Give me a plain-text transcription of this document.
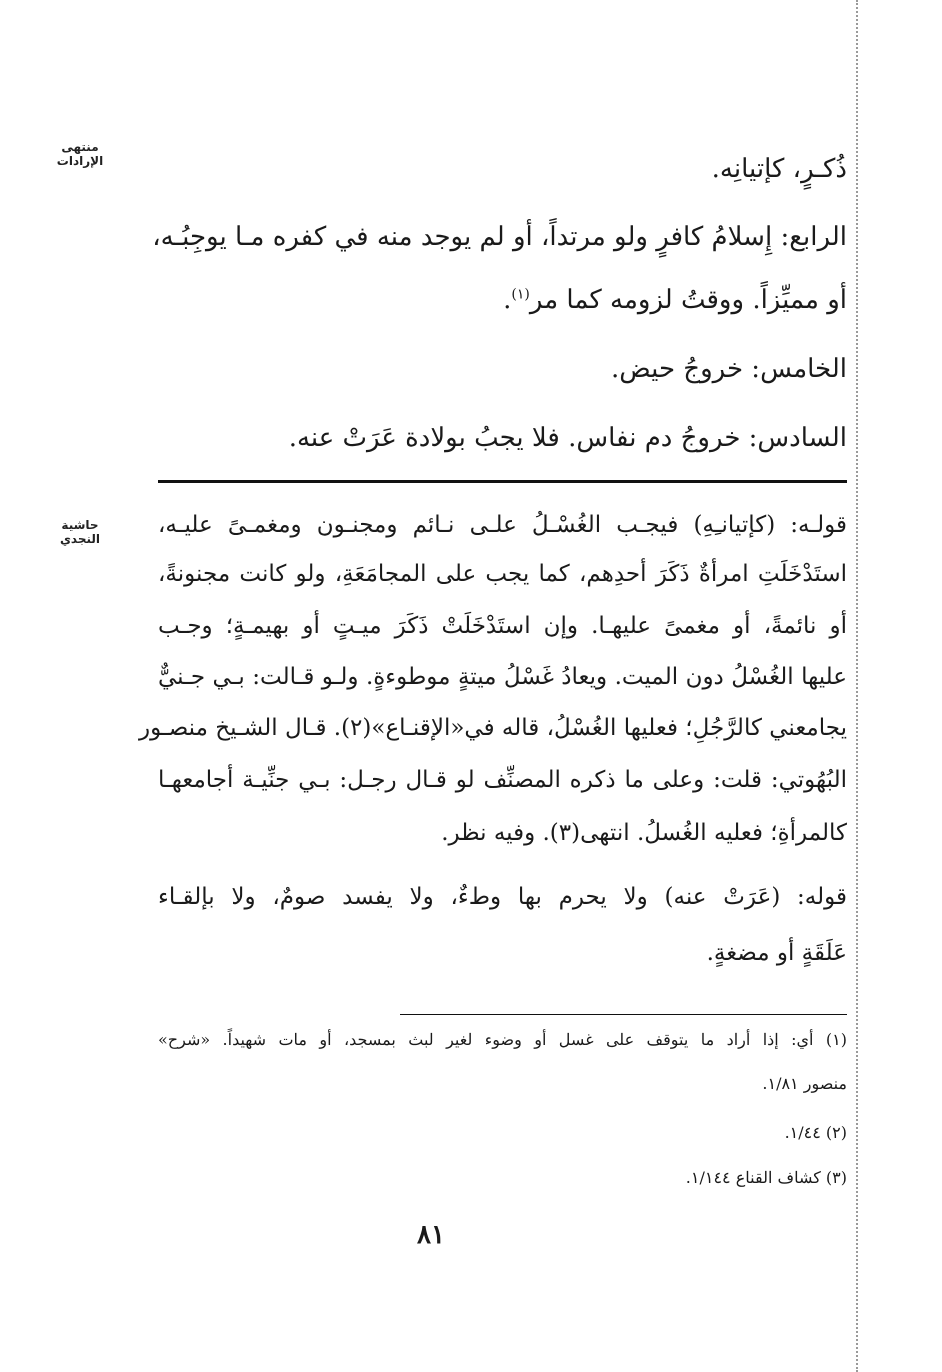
منتهى الإرادات
حاشية النجدي
ذُكـرٍ، كإتيانِه.
الرابع: إِسلامُ كافرٍ ولو مرتداً، أو لم يوجد منه في كفره مـا يوجِبُـه،
أو مميِّزاً. ووقتُ لزومه كما مر$^{(١)}$.
الخامس: خروجُ حيض.
السادس: خروجُ دم نفاس. فلا يجبُ بولادة عَرَتْ عنه.
قولـه: (كإتيانـِهِ) فيجـب الغُسْـلُ علـى نـائم ومجنـون ومغمـىً عليـه،
استَدْخَلَتِ امرأةٌ ذَكَرَ أحدِهم، كما يجب على المجامَعَةِ، ولو كانت مجنونةً،
أو نائمةً، أو مغمىً عليهـا. وإن استَدْخَلَتْ ذَكَرَ ميـتٍ أو بهيمـةٍ؛ وجـب
عليها الغُسْلُ دون الميت. ويعادُ غَسْلُ ميتةٍ موطوءةٍ. ولـو قـالت: بـي جـنيٌّ
يجامعني كالرَّجُلِ؛ فعليها الغُسْلُ، قاله في«الإقنـاع»(٢). قـال الشـيخ منصـور
البُهُوتي: قلت: وعلى ما ذكره المصنِّف لو قـال رجـل: بـي جنِّيـة أجامعهـا
كالمرأةِ؛ فعليه الغُسلُ. انتهى(٣). وفيه نظر.
قوله: (عَرَتْ عنه) ولا يحرم بها وطءٌ، ولا يفسد صومٌ، ولا بإلقـاء
عَلَقَةٍ أو مضغةٍ.
(١) أي: إذا أراد ما يتوقف على غسل أو وضوء لغير لبث بمسجد، أو مات شهيداً. «شرح»
منصور ١/٨١.
(٢) ١/٤٤.
(٣) كشاف القناع ١/١٤٤.
٨١
